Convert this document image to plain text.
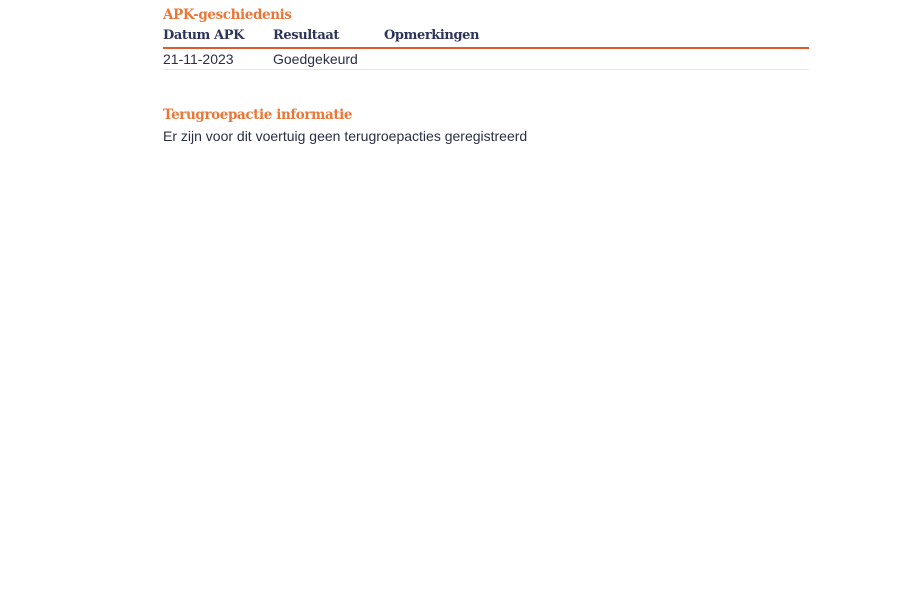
APK-geschiedenis
Datum APK Resultaat	Opmerkingen
21-11-2023	Goedgekeurd
Terugroepactie informatie
Er zijn voor dit voertuig geen terugroepacties geregistreerd
